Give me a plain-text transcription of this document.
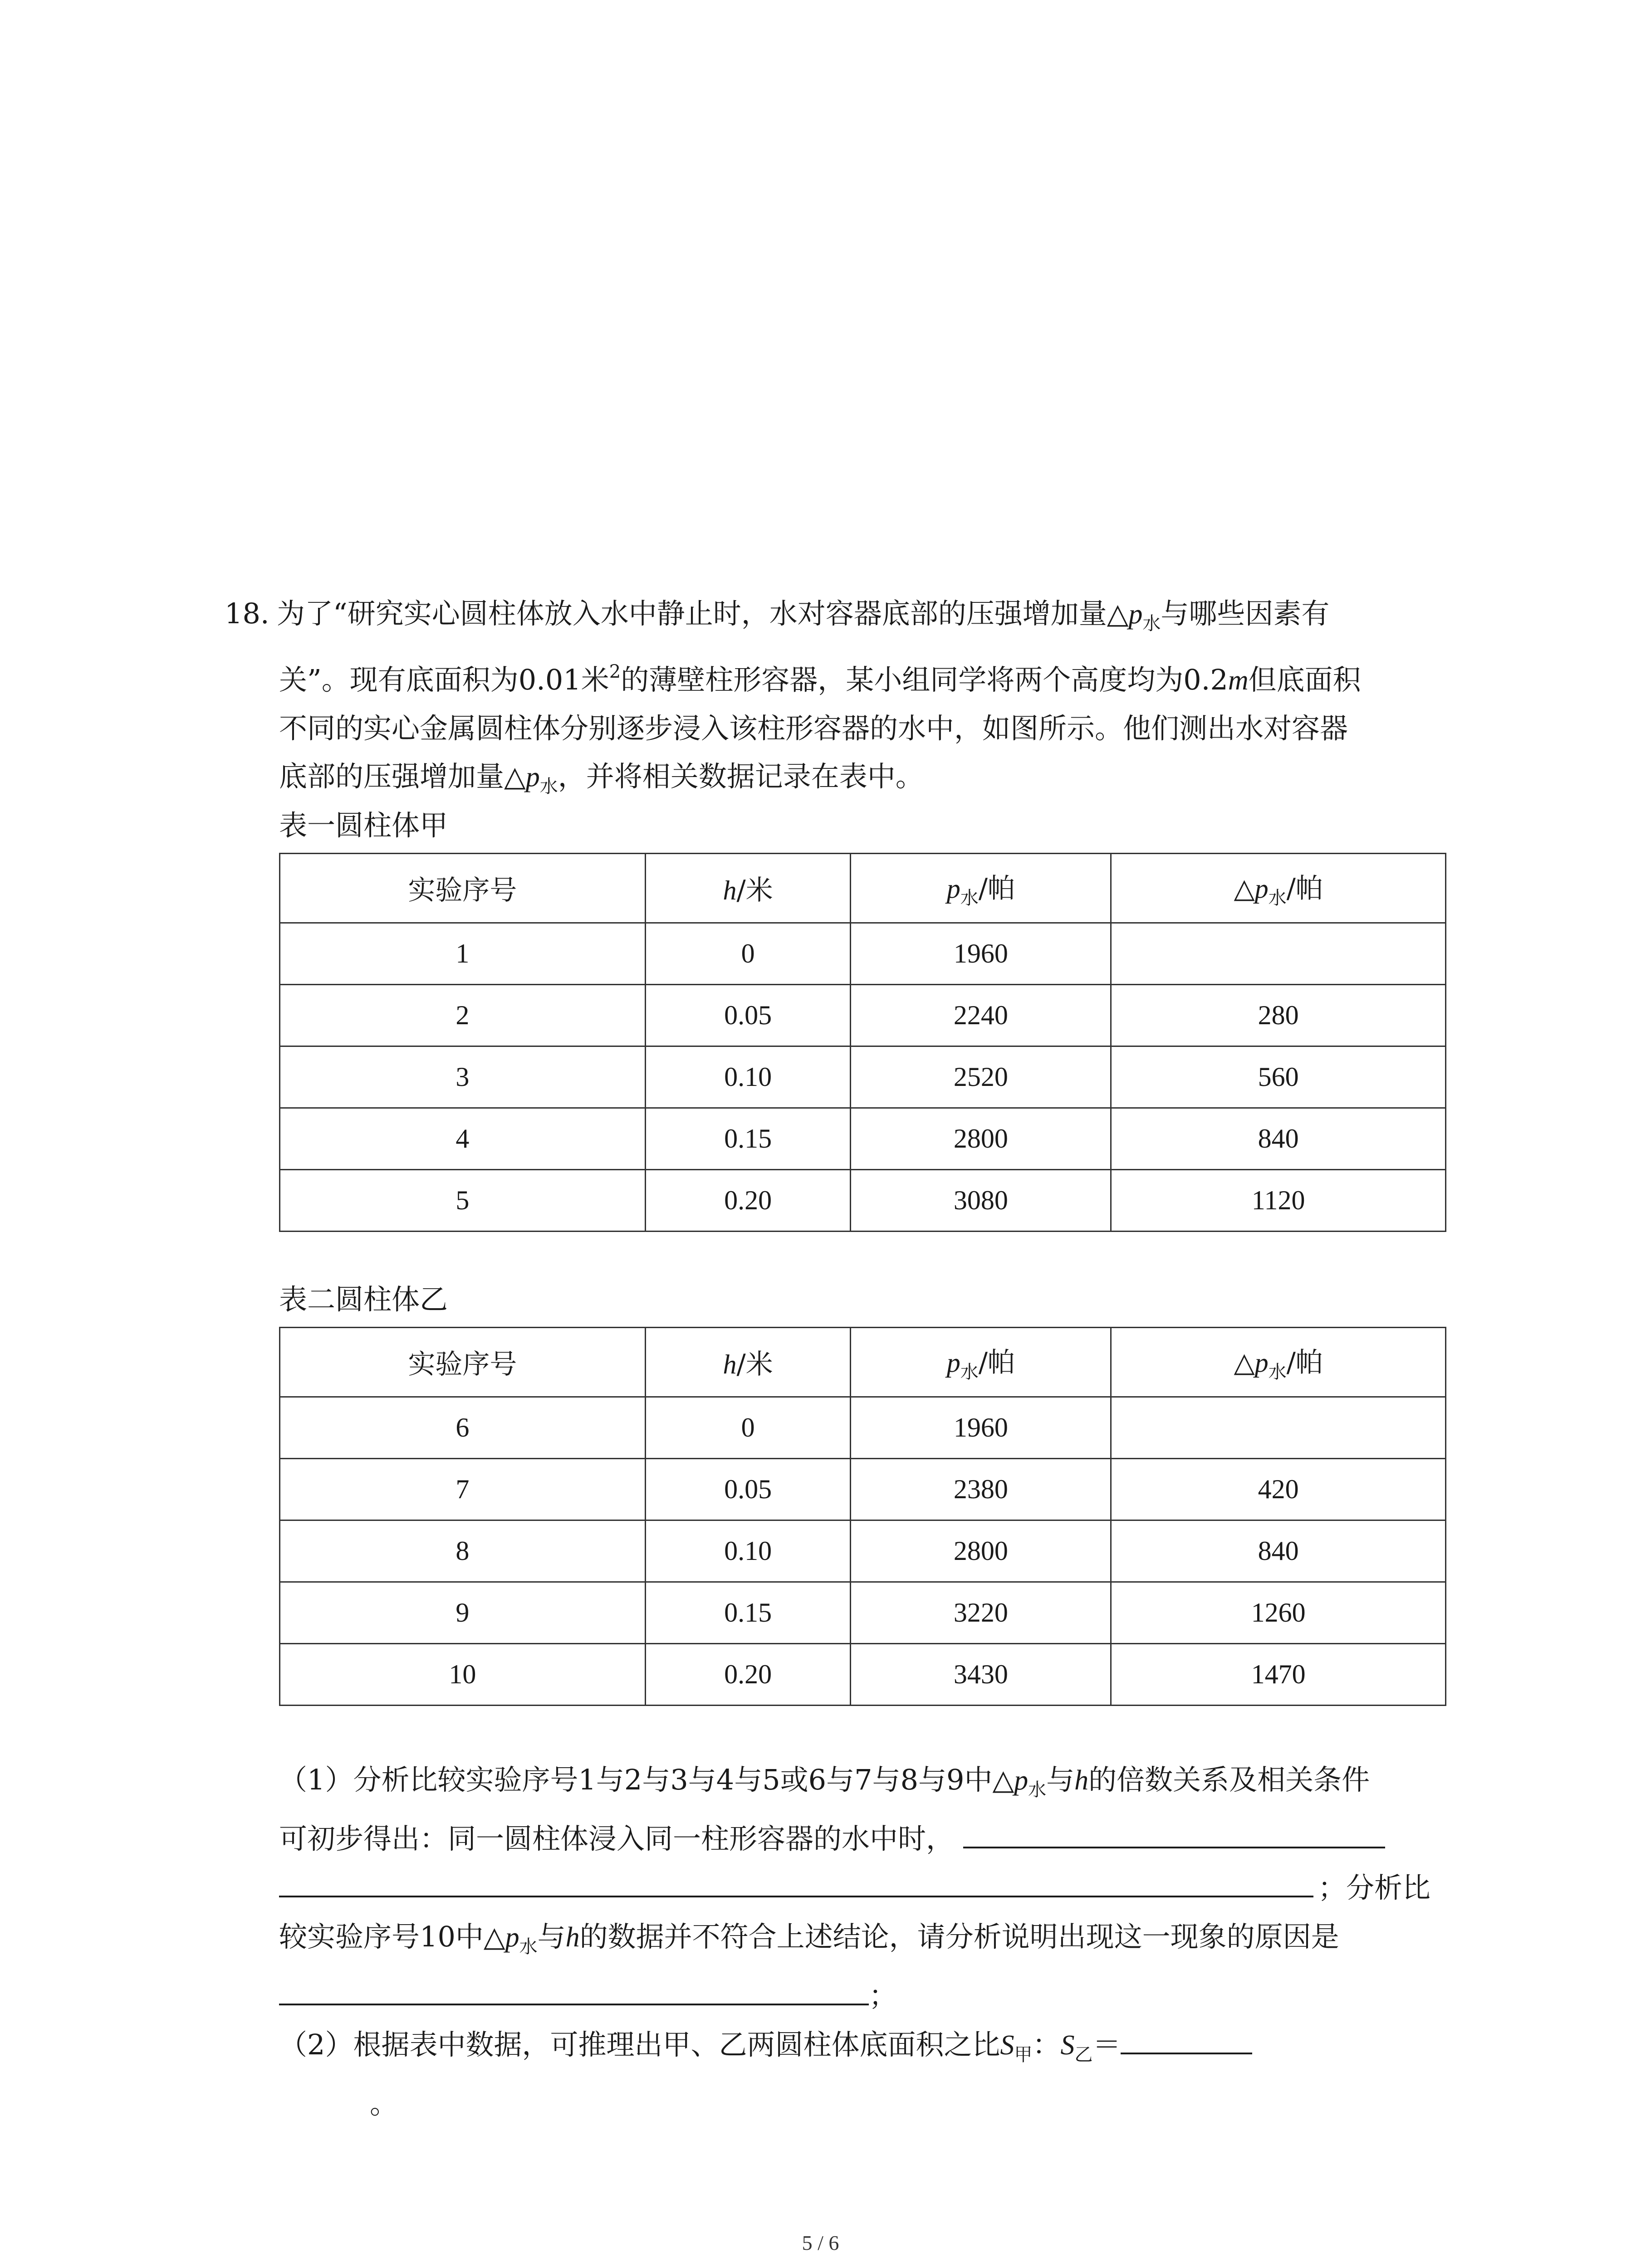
18. 为了“研究实心圆柱体放入水中静止时，水对容器底部的压强增加量$\triangle p_水$与哪些因素有
关”。现有底面积为0.01米$^2$的薄壁柱形容器，某小组同学将两个高度均为0.2m但底面积
不同的实心金属圆柱体分别逐步浸入该柱形容器的水中，如图所示。他们测出水对容器
底部的压强增加量$\triangle p_水$，并将相关数据记录在表中。
表一圆柱体甲
实验序号	h/米	$p_水/$帕	$\triangle p_水/$帕
1	0	1960	
2	0.05	2240	280
3	0.10	2520	560
4	0.15	2800	840
5	0.20	3080	1120
表二圆柱体乙
实验序号	h/米	$p_水/$帕	$\triangle p_水/$帕
6	0	1960	
7	0.05	2380	420
8	0.10	2800	840
9	0.15	3220	1260
10	0.20	3430	1470
（1）分析比较实验序号1与2与3与4与5或6与7与8与9中$\triangle p_水$与h的倍数关系及相关条件
可初步得出：同一圆柱体浸入同一柱形容器的水中时，
；分析比
较实验序号10中$\triangle p_水$与h的数据并不符合上述结论，请分析说明出现这一现象的原因是
；
（2）根据表中数据，可推理出甲、乙两圆柱体底面积之比$S_甲$：$S_乙=$
。
5 / 6
